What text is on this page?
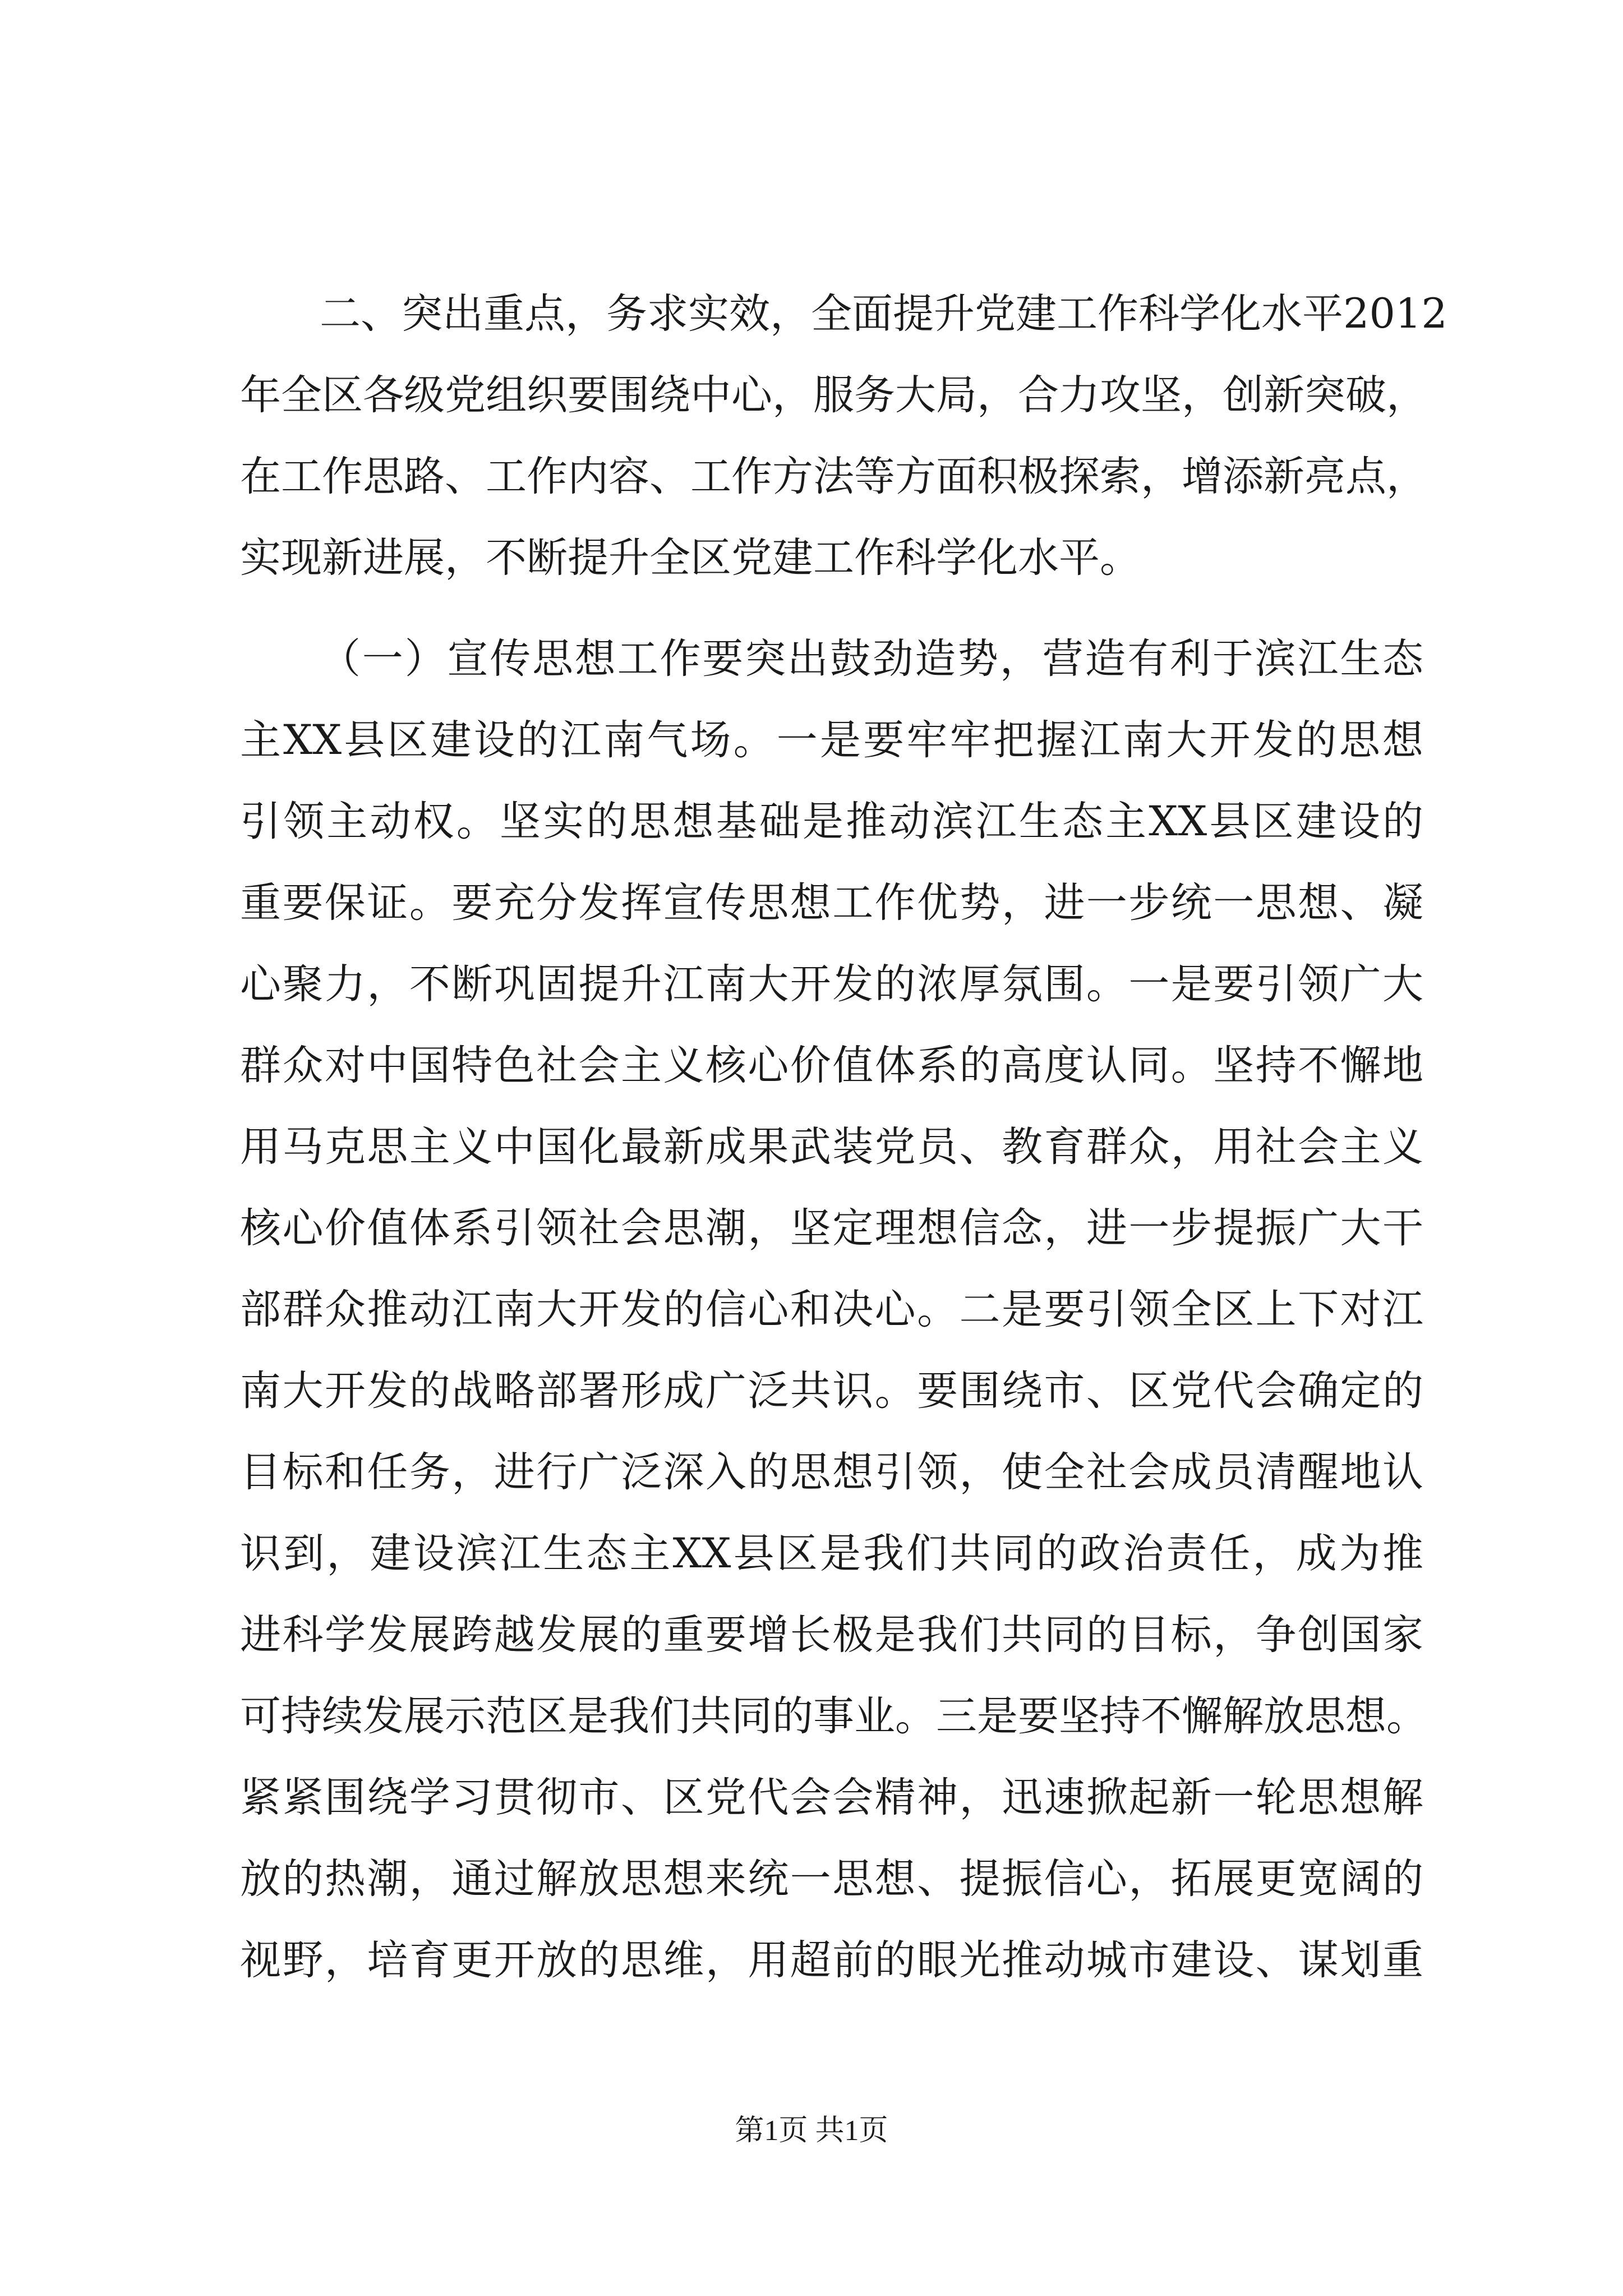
二、突出重点，务求实效，全面提升党建工作科学化水平2012

年全区各级党组织要围绕中心，服务大局，合力攻坚，创新突破，

在工作思路、工作内容、工作方法等方面积极探索，增添新亮点，

实现新进展，不断提升全区党建工作科学化水平。

（一）宣传思想工作要突出鼓劲造势，营造有利于滨江生态

主XX县区建设的江南气场。一是要牢牢把握江南大开发的思想

引领主动权。坚实的思想基础是推动滨江生态主XX县区建设的

重要保证。要充分发挥宣传思想工作优势，进一步统一思想、凝

心聚力，不断巩固提升江南大开发的浓厚氛围。一是要引领广大

群众对中国特色社会主义核心价值体系的高度认同。坚持不懈地

用马克思主义中国化最新成果武装党员、教育群众，用社会主义

核心价值体系引领社会思潮，坚定理想信念，进一步提振广大干

部群众推动江南大开发的信心和决心。二是要引领全区上下对江

南大开发的战略部署形成广泛共识。要围绕市、区党代会确定的

目标和任务，进行广泛深入的思想引领，使全社会成员清醒地认

识到，建设滨江生态主XX县区是我们共同的政治责任，成为推

进科学发展跨越发展的重要增长极是我们共同的目标，争创国家

可持续发展示范区是我们共同的事业。三是要坚持不懈解放思想。

紧紧围绕学习贯彻市、区党代会会精神，迅速掀起新一轮思想解

放的热潮，通过解放思想来统一思想、提振信心，拓展更宽阔的

视野，培育更开放的思维，用超前的眼光推动城市建设、谋划重

第1页 共1页
